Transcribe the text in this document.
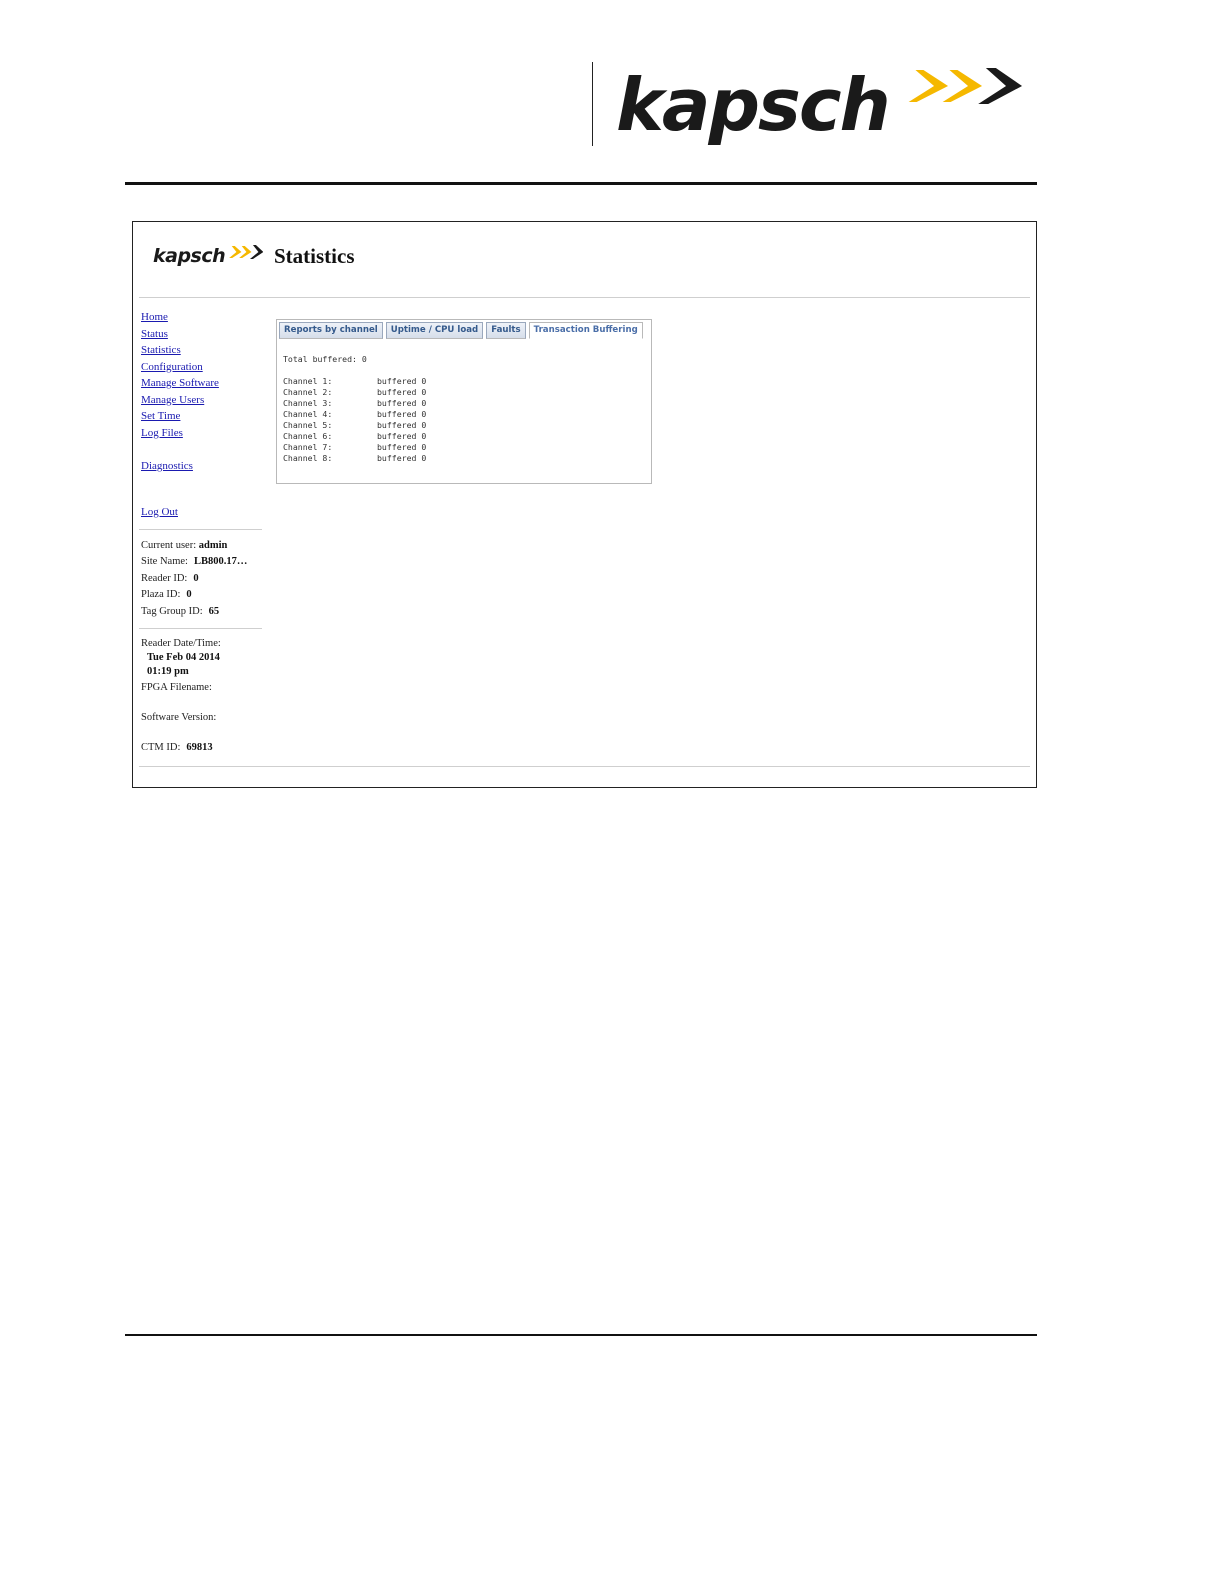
kapsch
kapsch Statistics
Home
Status
Statistics
Configuration
Manage Software
Manage Users
Set Time
Log Files
Diagnostics
Log Out
Current user: admin
Site Name: LB800.17…
Reader ID: 0
Plaza ID: 0
Tag Group ID: 65
Reader Date/Time:
Tue Feb 04 2014
01:19 pm
FPGA Filename:
Software Version:
CTM ID: 69813
Reports by channel	Uptime / CPU load	Faults	Transaction Buffering
Total buffered: 0

Channel 1:	buffered 0
Channel 2:	buffered 0
Channel 3:	buffered 0
Channel 4:	buffered 0
Channel 5:	buffered 0
Channel 6:	buffered 0
Channel 7:	buffered 0
Channel 8:	buffered 0
